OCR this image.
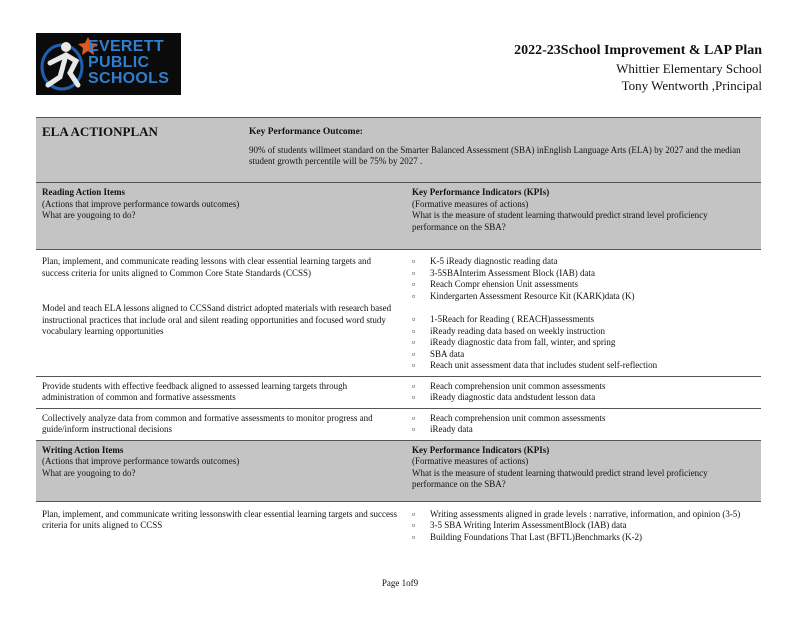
EVERETT
PUBLIC
SCHOOLS
2022-23School Improvement & LAP Plan
Whittier Elementary School
Tony Wentworth ,Principal
ELA ACTIONPLAN	Key Performance Outcome:
90% of students willmeet standard on the Smarter Balanced Assessment (SBA) inEnglish Language Arts (ELA) by 2027 and the median student growth percentile will be 75% by 2027 .
Reading Action Items
(Actions that improve performance towards outcomes)
What are yougoing to do?
Key Performance Indicators (KPIs)
(Formative measures of actions)
What is the measure of student learning thatwould predict strand level proficiency performance on the SBA?
Plan, implement, and communicate reading lessons with clear essential learning targets and success criteria for units aligned to Common Core State Standards (CCSS)
Model and teach ELA lessons aligned to CCSSand district adopted materials with research based instructional practices that include oral and silent reading opportunities and focused word study vocabulary learning opportunities
▫ K-5 iReady diagnostic reading data
▫ 3-5SBAInterim Assessment Block (IAB) data
▫ Reach Compr ehension Unit assessments
▫ Kindergarten Assessment Resource Kit (KARK)data (K)
▫ 1-5Reach for Reading ( REACH)assessments
▫ iReady reading data based on weekly instruction
▫ iReady diagnostic data from fall, winter, and spring
▫ SBA data
▫ Reach unit assessment data that includes student self-reflection
Provide students with effective feedback aligned to assessed learning targets through administration of common and formative assessments
▫ Reach comprehension unit common assessments
▫ iReady diagnostic data andstudent lesson data
Collectively analyze data from common and formative assessments to monitor progress and guide/inform instructional decisions
▫ Reach comprehension unit common assessments
▫ iReady data
Writing Action Items
(Actions that improve performance towards outcomes)
What are yougoing to do?
Key Performance Indicators (KPIs)
(Formative measures of actions)
What is the measure of student learning thatwould predict strand level proficiency performance on the SBA?
Plan, implement, and communicate writing lessonswith clear essential learning targets and success criteria for units aligned to CCSS
▫ Writing assessments aligned in grade levels : narrative, information, and opinion (3-5)
▫ 3-5 SBA Writing Interim AssessmentBlock (IAB) data
▫ Building Foundations That Last (BFTL)Benchmarks (K-2)
Page 1of9
